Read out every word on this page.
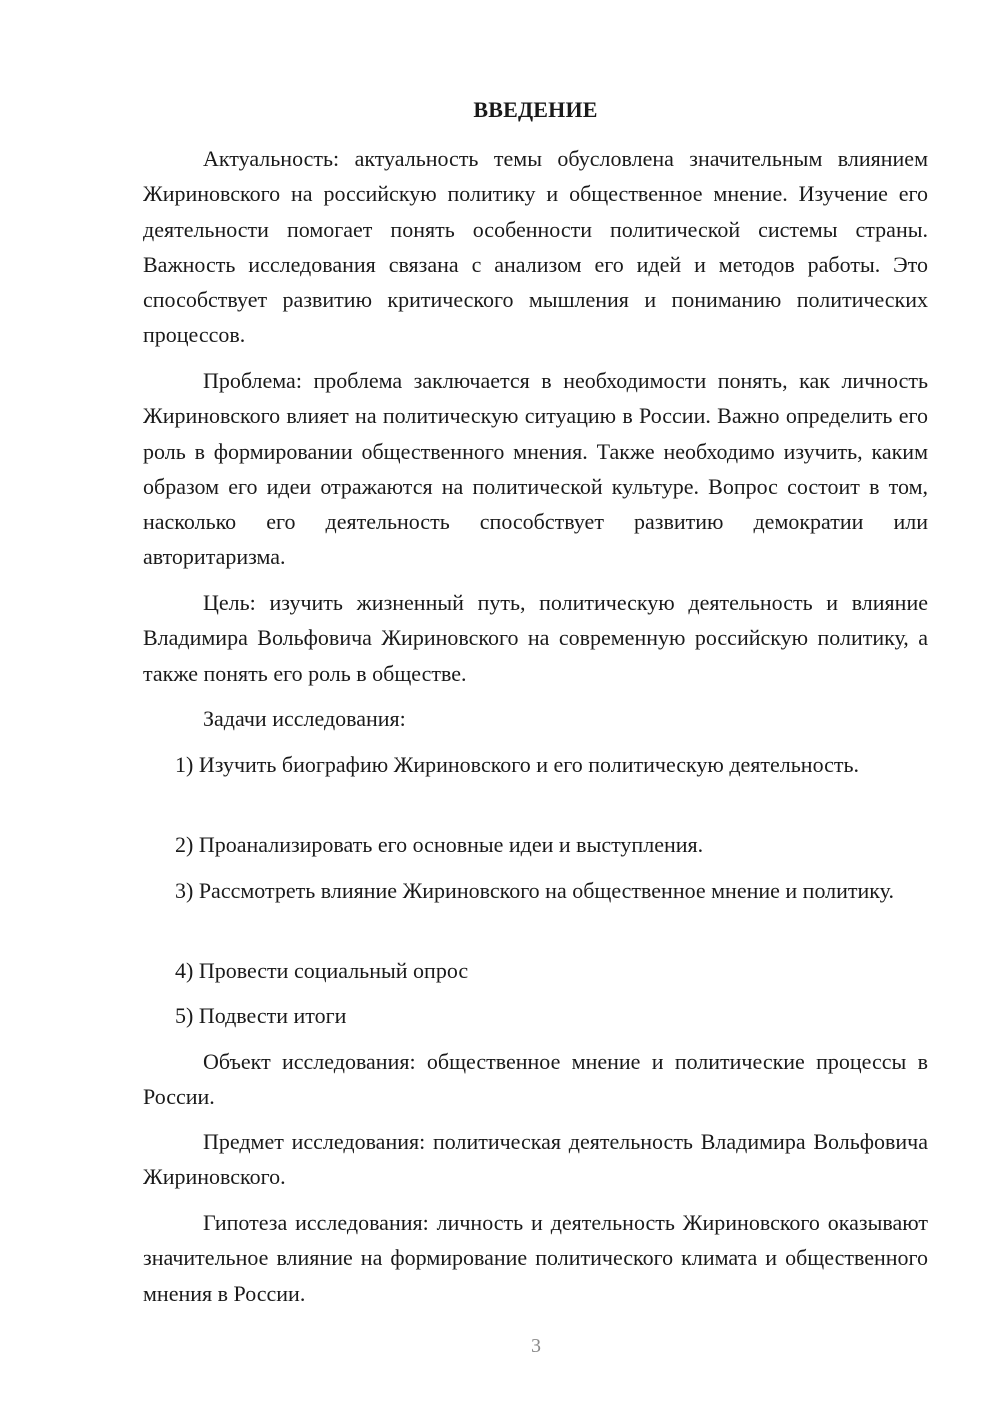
ВВЕДЕНИЕ

Актуальность: актуальность темы обусловлена значительным влиянием Жириновского на российскую политику и общественное мнение. Изучение его деятельности помогает понять особенности политической системы страны. Важность исследования связана с анализом его идей и методов работы. Это способствует развитию критического мышления и пониманию политических процессов.

Проблема: проблема заключается в необходимости понять, как личность Жириновского влияет на политическую ситуацию в России. Важно определить его роль в формировании общественного мнения. Также необходимо изучить, каким образом его идеи отражаются на политической культуре. Вопрос состоит в том, насколько его деятельность способствует развитию демократии или авторитаризма.

Цель: изучить жизненный путь, политическую деятельность и влияние Владимира Вольфовича Жириновского на современную российскую политику, а также понять его роль в обществе.

Задачи исследования:

1) Изучить биографию Жириновского и его политическую деятельность.

2) Проанализировать его основные идеи и выступления.

3) Рассмотреть влияние Жириновского на общественное мнение и политику.

4) Провести социальный опрос

5) Подвести итоги

Объект исследования: общественное мнение и политические процессы в России.

Предмет исследования: политическая деятельность Владимира Вольфовича Жириновского.

Гипотеза исследования: личность и деятельность Жириновского оказывают значительное влияние на формирование политического климата и общественного мнения в России.

3
